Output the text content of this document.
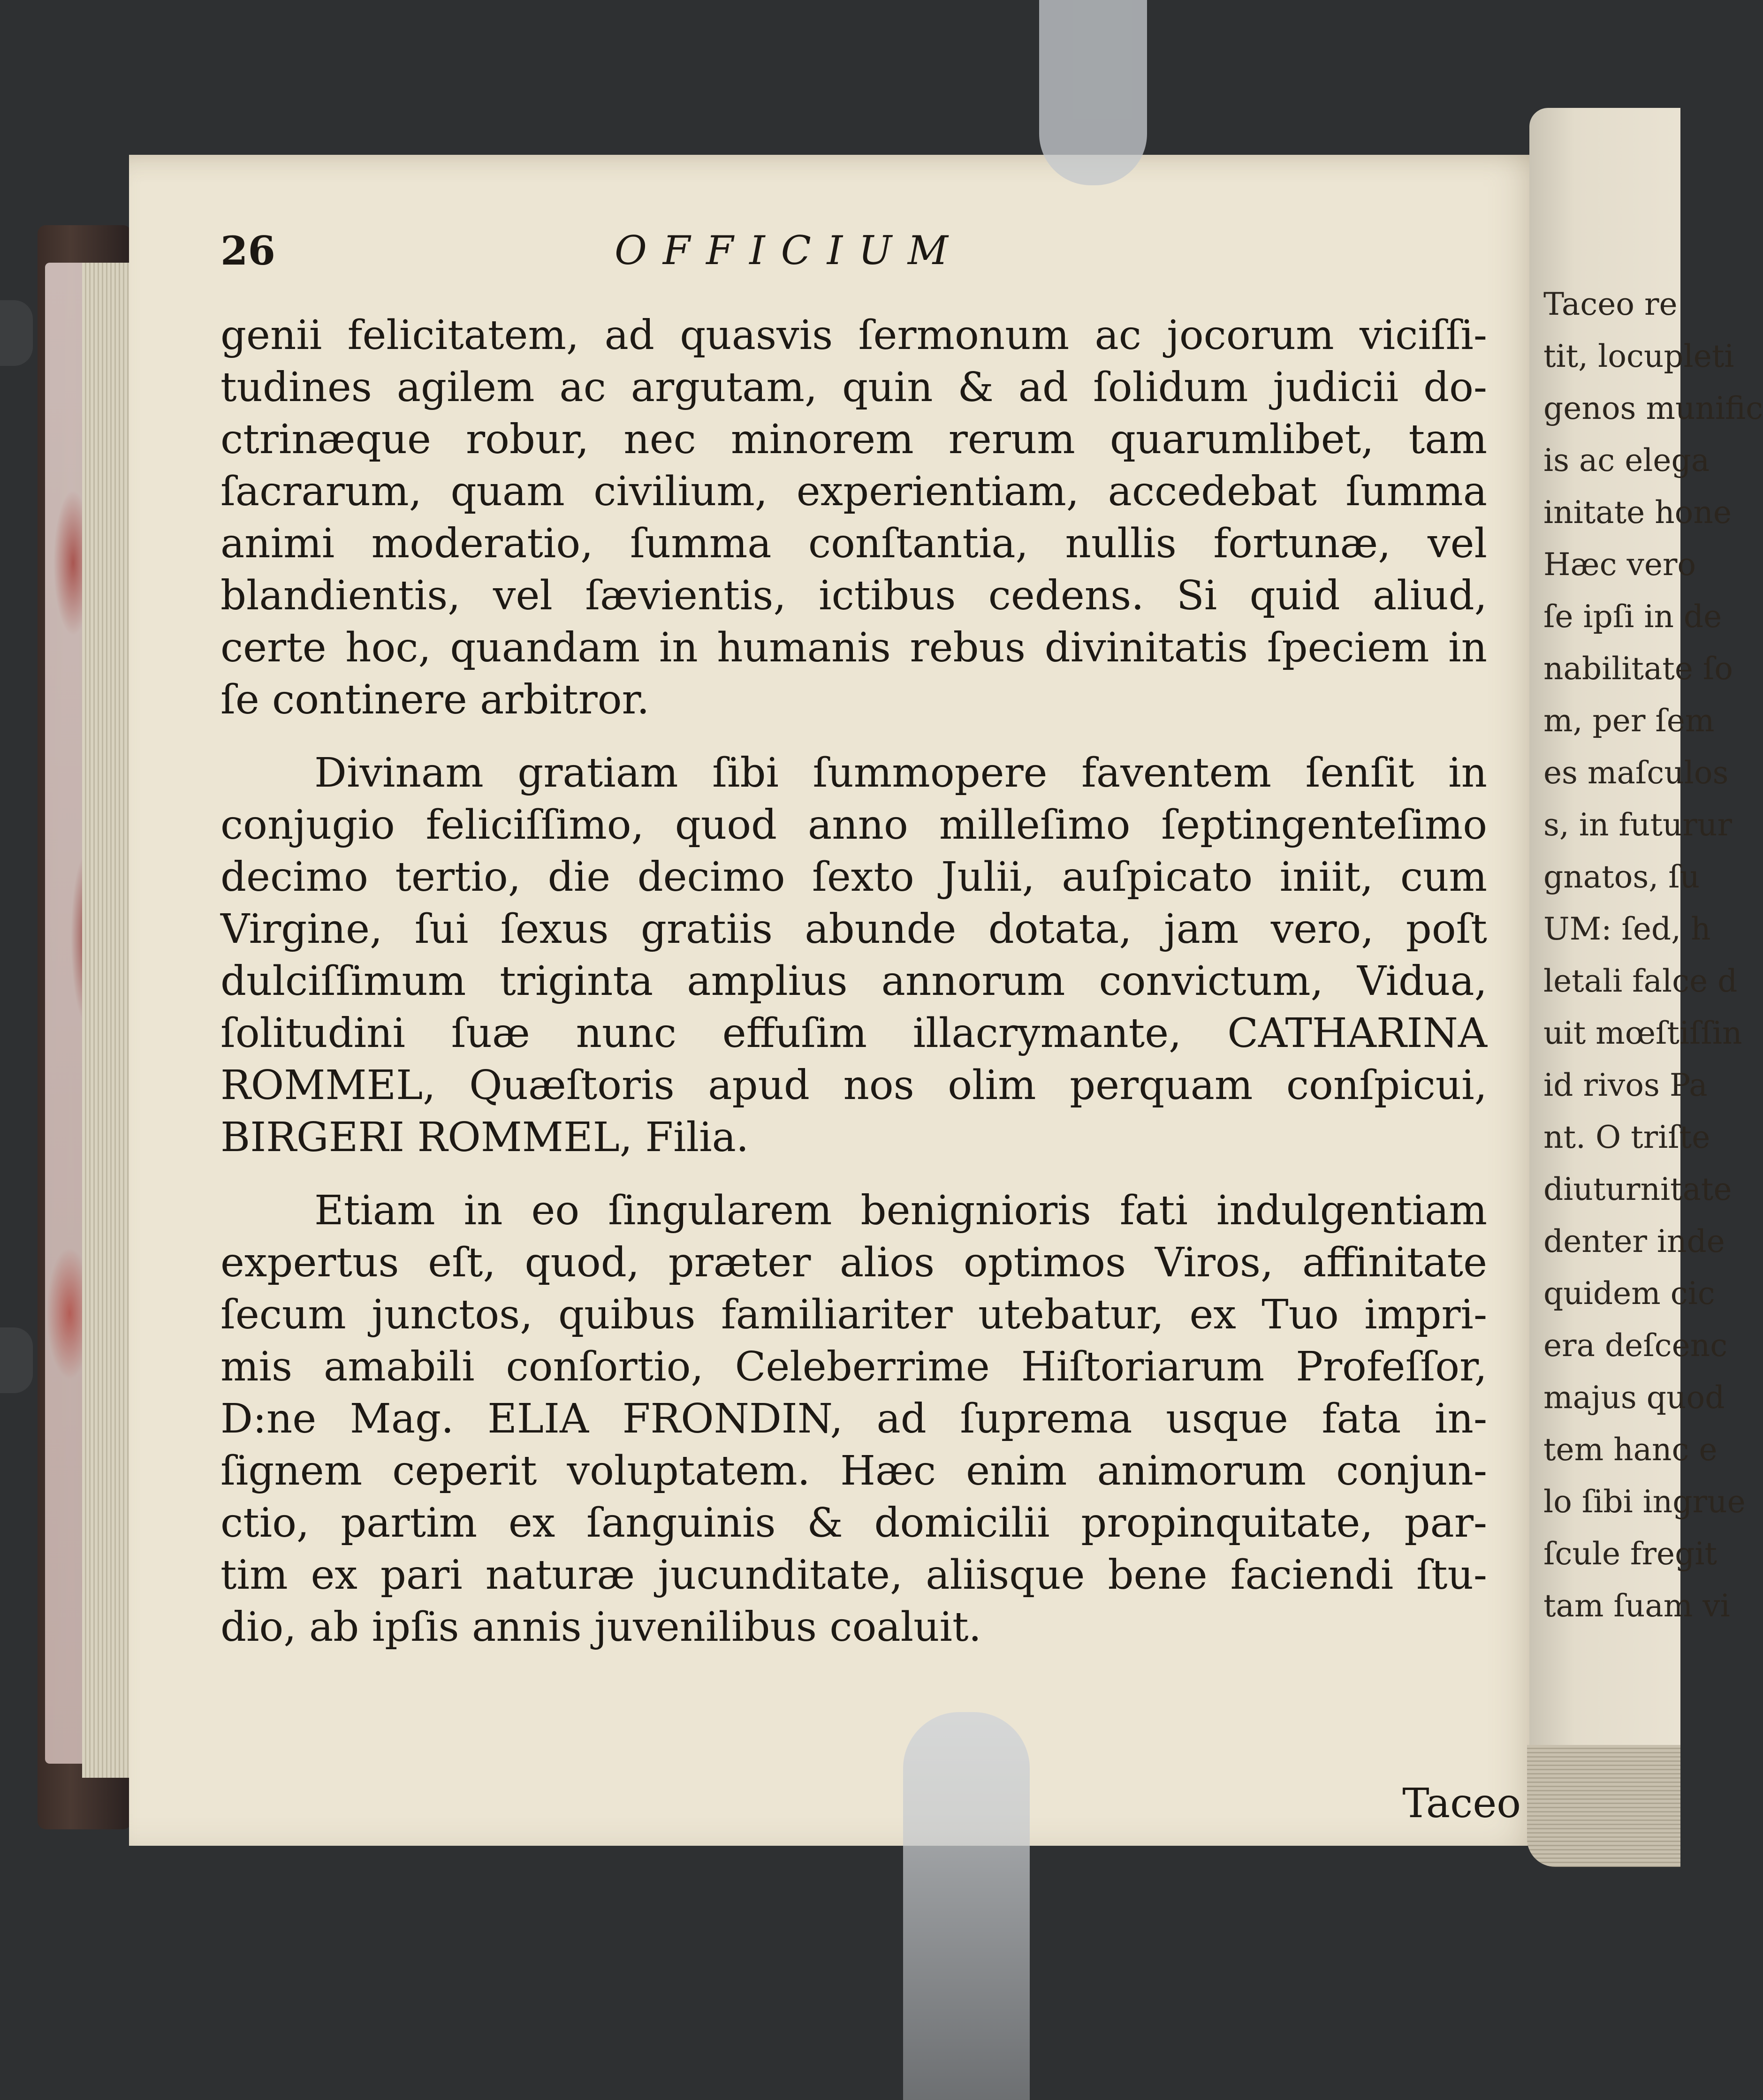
26	OFFICIUM
genii felicitatem, ad quasvis ſermonum ac jocorum viciſſi-
tudines agilem ac argutam, quin & ad ſolidum judicii do-
ctrinæque robur, nec minorem rerum quarumlibet, tam
ſacrarum, quam civilium, experientiam, accedebat ſumma
animi moderatio, ſumma conſtantia, nullis fortunæ, vel
blandientis, vel ſævientis, ictibus cedens. Si quid aliud,
certe hoc, quandam in humanis rebus divinitatis ſpeciem in
ſe continere arbitror.
Divinam gratiam ſibi ſummopere faventem ſenſit in
conjugio feliciſſimo, quod anno milleſimo ſeptingenteſimo
decimo tertio, die decimo ſexto Julii, auſpicato iniit, cum
Virgine, ſui ſexus gratiis abunde dotata, jam vero, poſt
dulciſſimum triginta amplius annorum convictum, Vidua,
ſolitudini ſuæ nunc effuſim illacrymante, CATHARINA
ROMMEL, Quæſtoris apud nos olim perquam conſpicui,
BIRGERI ROMMEL, Filia.
Etiam in eo ſingularem benignioris fati indulgentiam
expertus eſt, quod, præter alios optimos Viros, affinitate
ſecum junctos, quibus familiariter utebatur, ex Tuo impri-
mis amabili conſortio, Celeberrime Hiſtoriarum Profeſſor,
D:ne Mag. ELIA FRONDIN, ad ſuprema usque fata in-
ſignem ceperit voluptatem. Hæc enim animorum conjun-
ctio, partim ex ſanguinis & domicilii propinquitate, par-
tim ex pari naturæ jucunditate, aliisque bene faciendi ſtu-
dio, ab ipſis annis juvenilibus coaluit.
Taceo
Taceo re
tit, locupleti
genos munific
is ac elega
initate hone
Hæc vero
ſe ipſi in de
nabilitate ſo
m, per ſem
es maſculos
s, in futurur
gnatos, ſu
UM: ſed, h
letali falce d
uit mœſtiſſin
id rivos Pa
nt. O triſte
diuturnitate
denter inde
quidem cic
era deſcenc
majus quod
tem hanc e
lo ſibi ingrue
ſcule fregit
tam ſuam vi
